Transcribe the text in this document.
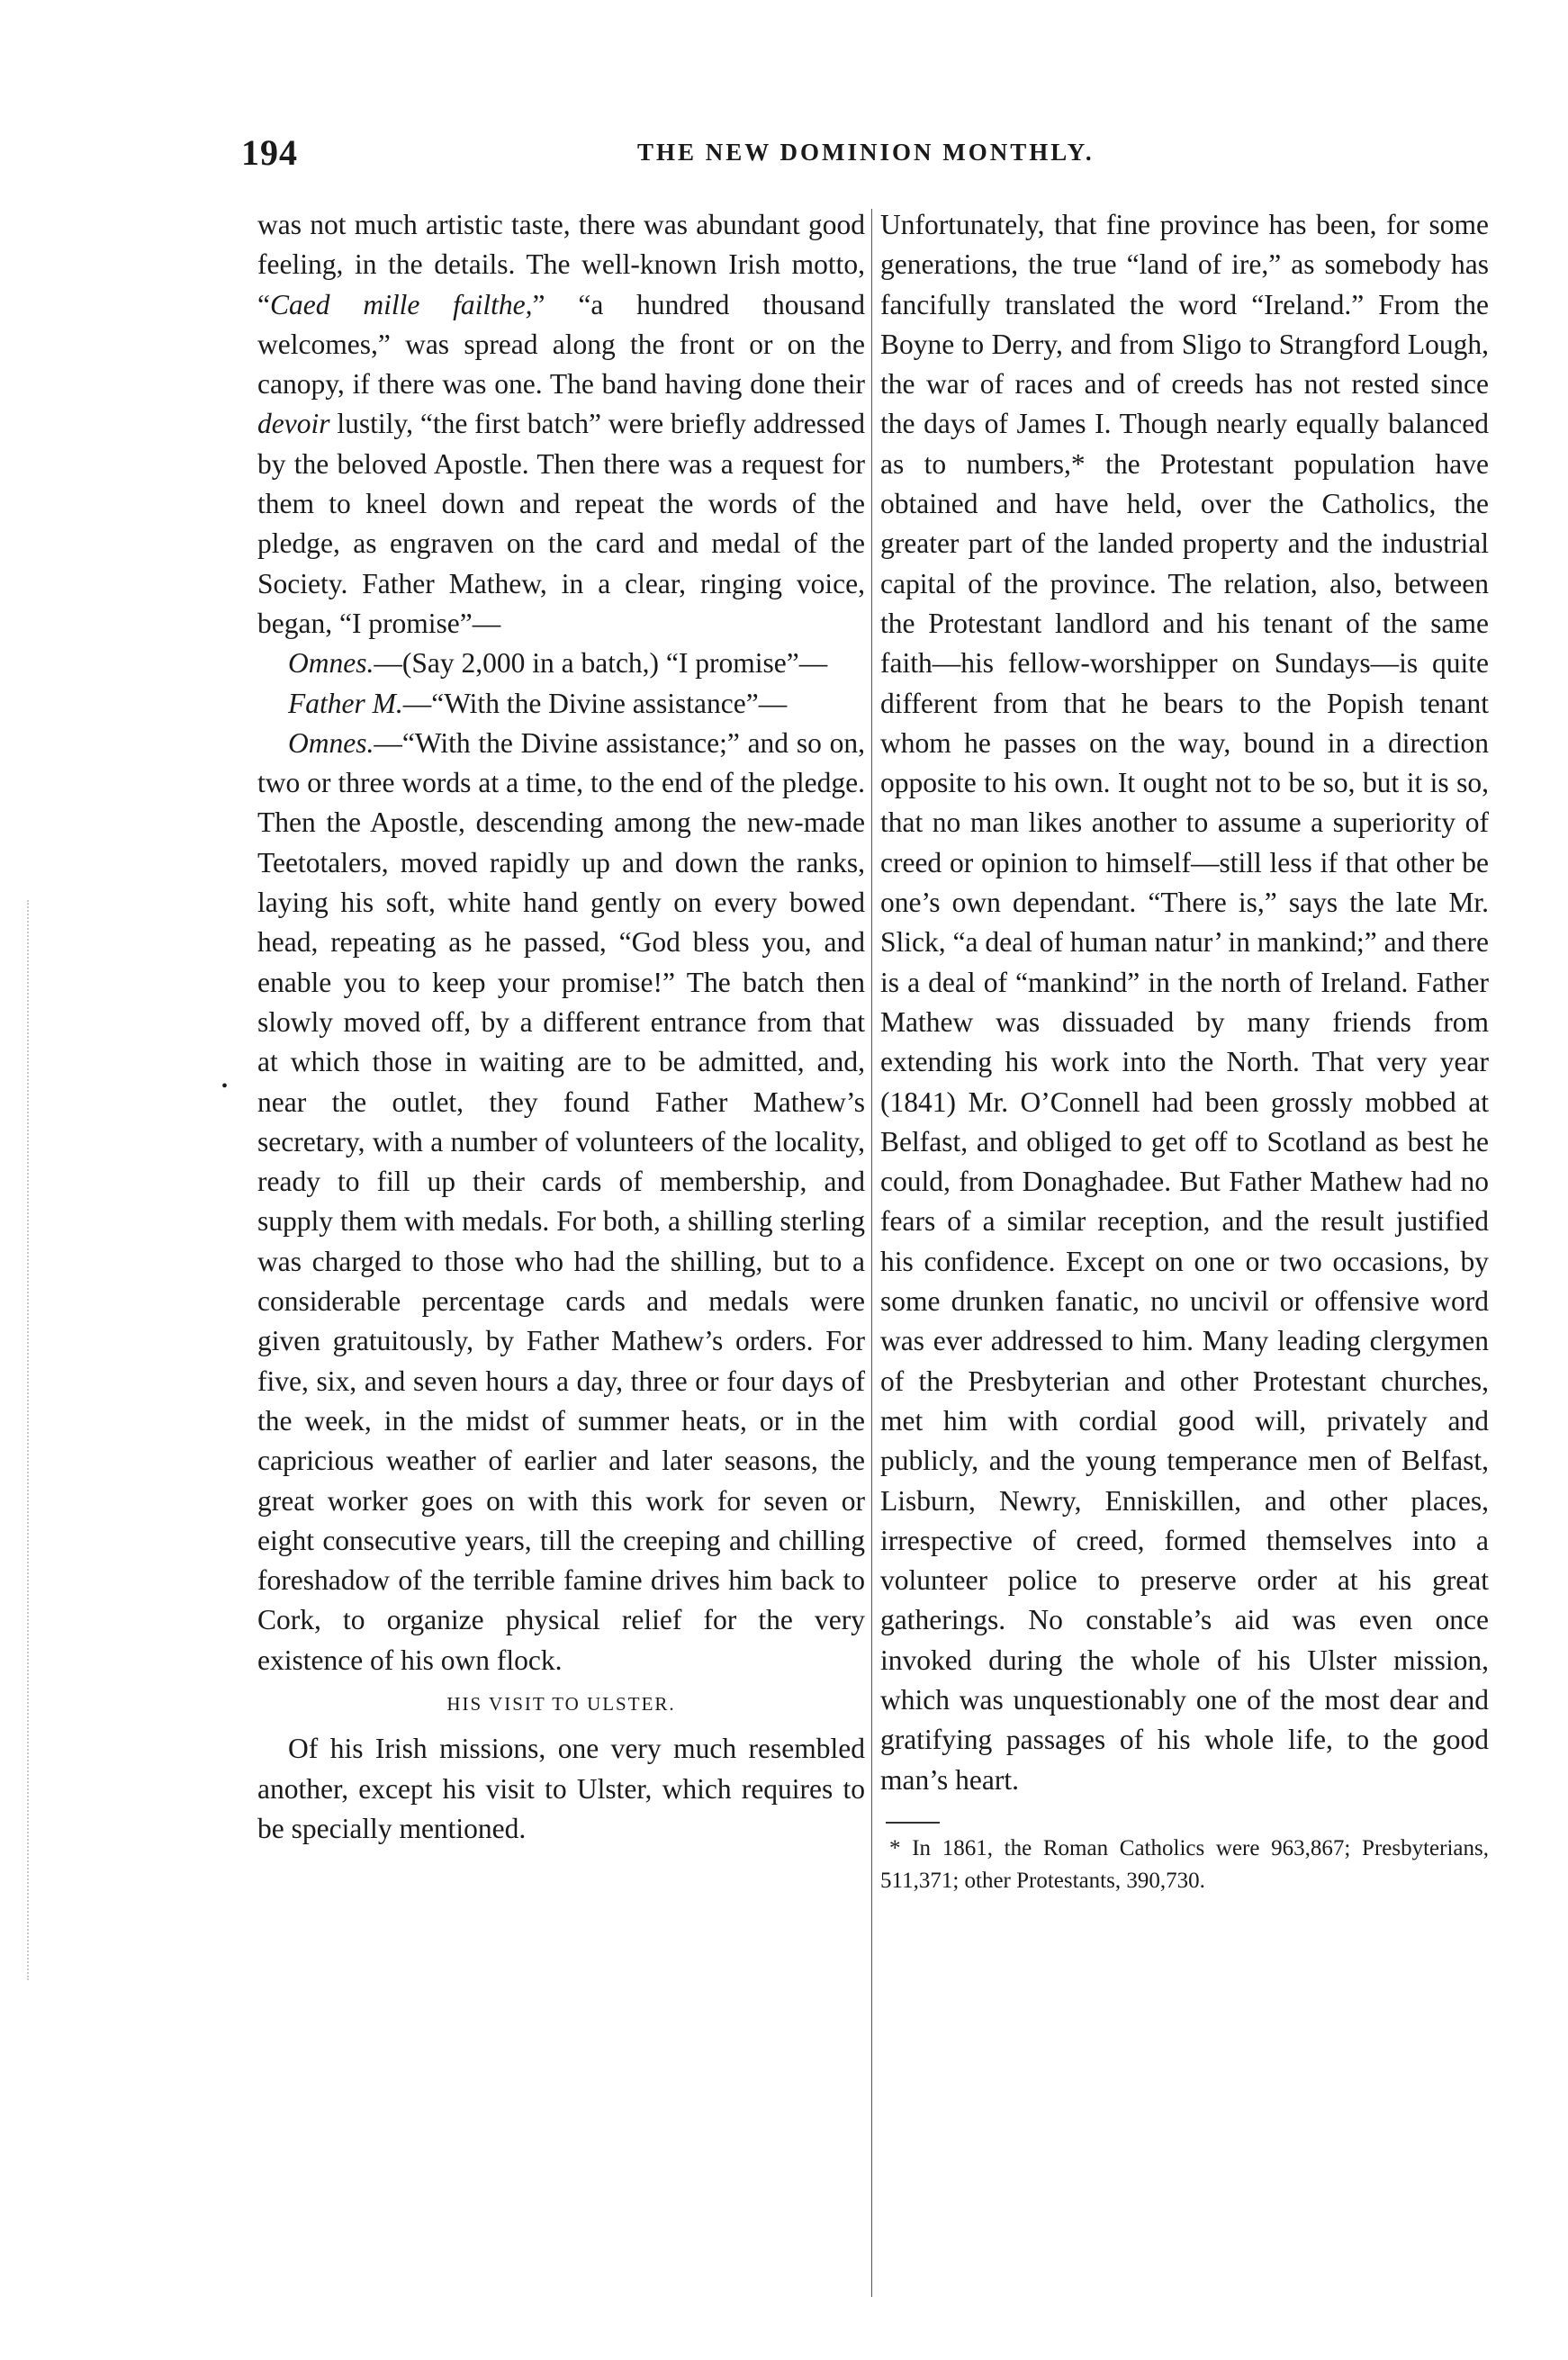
194	THE NEW DOMINION MONTHLY.
•

was not much artistic taste, there was abundant good feeling, in the details. The well-known Irish motto, “Caed mille failthe,” “a hundred thousand welcomes,” was spread along the front or on the canopy, if there was one. The band having done their devoir lustily, “the first batch” were briefly addressed by the beloved Apostle. Then there was a request for them to kneel down and repeat the words of the pledge, as engraven on the card and medal of the Society. Father Mathew, in a clear, ringing voice, began, “I promise”—

Omnes.—(Say 2,000 in a batch,) “I promise”—

Father M.—“With the Divine assistance”—

Omnes.—“With the Divine assistance;” and so on, two or three words at a time, to the end of the pledge. Then the Apostle, descending among the new-made Teetotalers, moved rapidly up and down the ranks, laying his soft, white hand gently on every bowed head, repeating as he passed, “God bless you, and enable you to keep your promise!” The batch then slowly moved off, by a different entrance from that at which those in waiting are to be admitted, and, near the outlet, they found Father Mathew’s secretary, with a number of volunteers of the locality, ready to fill up their cards of membership, and supply them with medals. For both, a shilling sterling was charged to those who had the shilling, but to a considerable percentage cards and medals were given gratuitously, by Father Mathew’s orders. For five, six, and seven hours a day, three or four days of the week, in the midst of summer heats, or in the capricious weather of earlier and later seasons, the great worker goes on with this work for seven or eight consecutive years, till the creeping and chilling foreshadow of the terrible famine drives him back to Cork, to organize physical relief for the very existence of his own flock.

HIS VISIT TO ULSTER.

Of his Irish missions, one very much resembled another, except his visit to Ulster, which requires to be specially mentioned.

Unfortunately, that fine province has been, for some generations, the true “land of ire,” as somebody has fancifully translated the word “Ireland.” From the Boyne to Derry, and from Sligo to Strangford Lough, the war of races and of creeds has not rested since the days of James I. Though nearly equally balanced as to numbers,* the Protestant population have obtained and have held, over the Catholics, the greater part of the landed property and the industrial capital of the province. The relation, also, between the Protestant landlord and his tenant of the same faith—his fellow-worshipper on Sundays—is quite different from that he bears to the Popish tenant whom he passes on the way, bound in a direction opposite to his own. It ought not to be so, but it is so, that no man likes another to assume a superiority of creed or opinion to himself—still less if that other be one’s own dependant. “There is,” says the late Mr. Slick, “a deal of human natur’ in mankind;” and there is a deal of “mankind” in the north of Ireland. Father Mathew was dissuaded by many friends from extending his work into the North. That very year (1841) Mr. O’Connell had been grossly mobbed at Belfast, and obliged to get off to Scotland as best he could, from Donaghadee. But Father Mathew had no fears of a similar reception, and the result justified his confidence. Except on one or two occasions, by some drunken fanatic, no uncivil or offensive word was ever addressed to him. Many leading clergymen of the Presbyterian and other Protestant churches, met him with cordial good will, privately and publicly, and the young temperance men of Belfast, Lisburn, Newry, Enniskillen, and other places, irrespective of creed, formed themselves into a volunteer police to preserve order at his great gatherings. No constable’s aid was even once invoked during the whole of his Ulster mission, which was unquestionably one of the most dear and gratifying passages of his whole life, to the good man’s heart.

* In 1861, the Roman Catholics were 963,867; Presbyterians, 511,371; other Protestants, 390,730.
